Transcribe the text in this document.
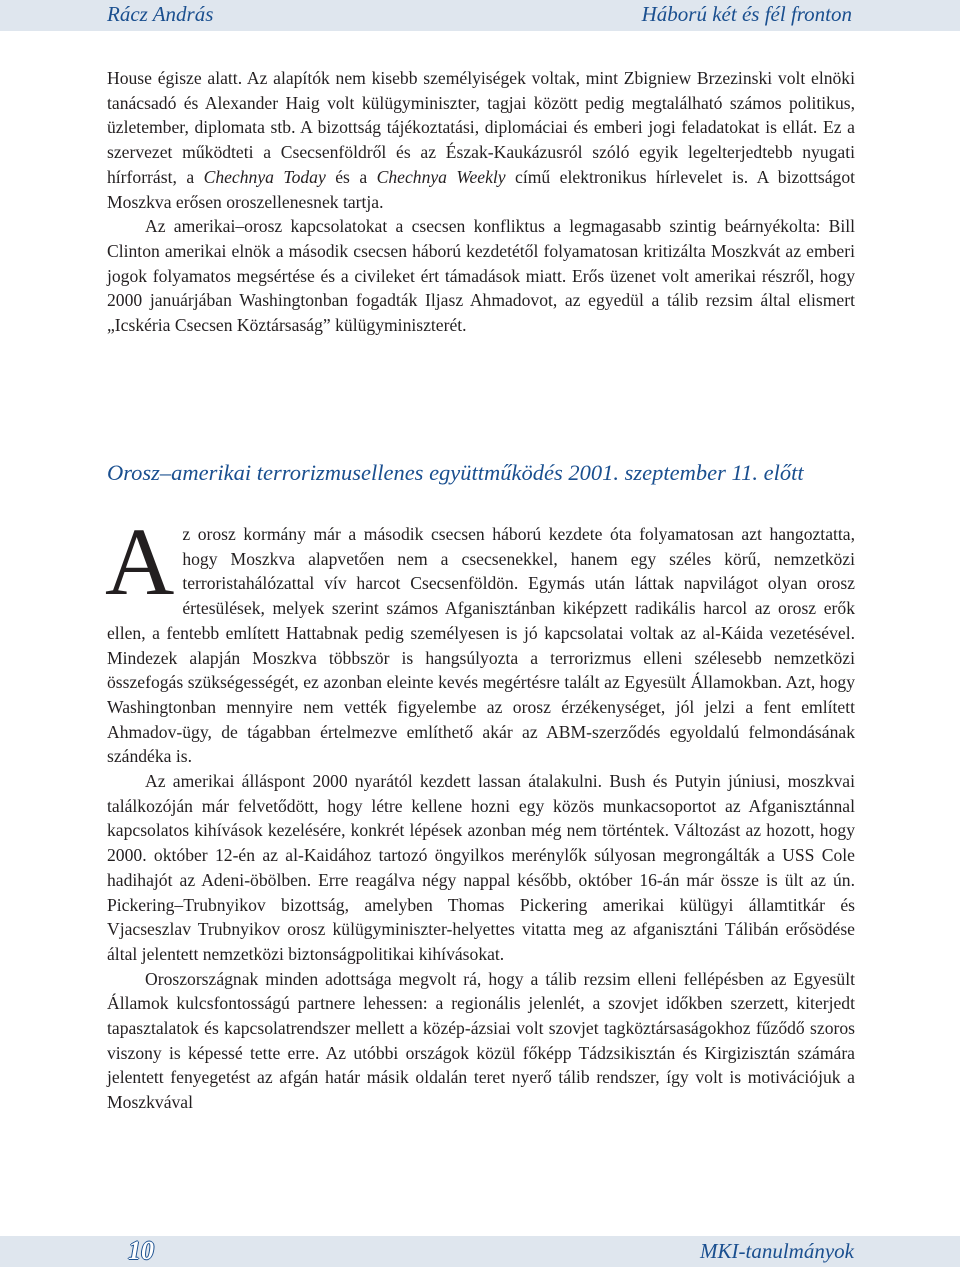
Rácz András	Háború két és fél fronton

House égisze alatt. Az alapítók nem kisebb személyiségek voltak, mint Zbigniew Brzezinski volt elnöki tanácsadó és Alexander Haig volt külügyminiszter, tagjai között pedig megtalálható számos politikus, üzletember, diplomata stb. A bizottság tájékoztatási, diplomáciai és emberi jogi feladatokat is ellát. Ez a szervezet működteti a Csecsenföldről és az Észak-Kaukázusról szóló egyik legelterjedtebb nyugati hírforrást, a Chechnya Today és a Chechnya Weekly című elektronikus hírlevelet is. A bizottságot Moszkva erősen oroszellenesnek tartja.

Az amerikai–orosz kapcsolatokat a csecsen konfliktus a legmagasabb szintig beárnyékolta: Bill Clinton amerikai elnök a második csecsen háború kezdetétől folyamatosan kritizálta Moszkvát az emberi jogok folyamatos megsértése és a civileket ért támadások miatt. Erős üzenet volt amerikai részről, hogy 2000 januárjában Washingtonban fogadták Iljasz Ahmadovot, az egyedül a tálib rezsim által elismert „Icskéria Csecsen Köztársaság” külügyminiszterét.

Orosz–amerikai terrorizmusellenes együttműködés 2001. szeptember 11. előtt

Az orosz kormány már a második csecsen háború kezdete óta folyamatosan azt hangoztatta, hogy Moszkva alapvetően nem a csecsenekkel, hanem egy széles körű, nemzetközi terroristahálózattal vív harcot Csecsenföldön. Egymás után láttak napvilágot olyan orosz értesülések, melyek szerint számos Afganisztánban kiképzett radikális harcol az orosz erők ellen, a fentebb említett Hattabnak pedig személyesen is jó kapcsolatai voltak az al-Káida vezetésével. Mindezek alapján Moszkva többször is hangsúlyozta a terrorizmus elleni szélesebb nemzetközi összefogás szükségességét, ez azonban eleinte kevés megértésre talált az Egyesült Államokban. Azt, hogy Washingtonban mennyire nem vették figyelembe az orosz érzékenységet, jól jelzi a fent említett Ahmadov-ügy, de tágabban értelmezve említhető akár az ABM-szerződés egyoldalú felmondásának szándéka is.

Az amerikai álláspont 2000 nyarától kezdett lassan átalakulni. Bush és Putyin júniusi, moszkvai találkozóján már felvetődött, hogy létre kellene hozni egy közös munkacsoportot az Afganisztánnal kapcsolatos kihívások kezelésére, konkrét lépések azonban még nem történtek. Változást az hozott, hogy 2000. október 12-én az al-Kaidához tartozó öngyilkos merénylők súlyosan megrongálták a USS Cole hadihajót az Adeni-öbölben. Erre reagálva négy nappal később, október 16-án már össze is ült az ún. Pickering–Trubnyikov bizottság, amelyben Thomas Pickering amerikai külügyi államtitkár és Vjacseszlav Trubnyikov orosz külügyminiszter-helyettes vitatta meg az afganisztáni Tálibán erősödése által jelentett nemzetközi biztonságpolitikai kihívásokat.

Oroszországnak minden adottsága megvolt rá, hogy a tálib rezsim elleni fellépésben az Egyesült Államok kulcsfontosságú partnere lehessen: a regionális jelenlét, a szovjet időkben szerzett, kiterjedt tapasztalatok és kapcsolatrendszer mellett a közép-ázsiai volt szovjet tagköztársaságokhoz fűződő szoros viszony is képessé tette erre. Az utóbbi országok közül főképp Tádzsikisztán és Kirgizisztán számára jelentett fenyegetést az afgán határ másik oldalán teret nyerő tálib rendszer, így volt is motivációjuk a Moszkvával

10	MKI-tanulmányok
